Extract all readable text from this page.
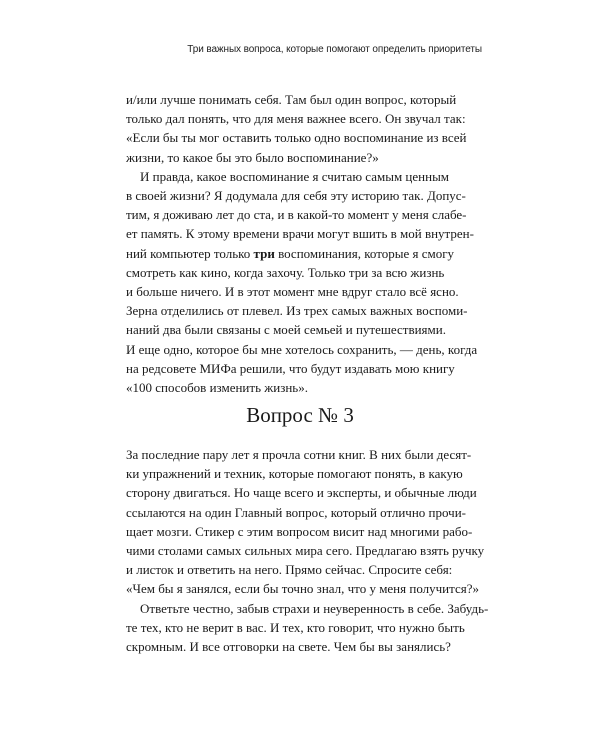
Три важных вопроса, которые помогают определить приоритеты

и/или лучше понимать себя. Там был один вопрос, который
только дал понять, что для меня важнее всего. Он звучал так:
«Если бы ты мог оставить только одно воспоминание из всей
жизни, то какое бы это было воспоминание?»

И правда, какое воспоминание я считаю самым ценным
в своей жизни? Я додумала для себя эту историю так. Допус-
тим, я доживаю лет до ста, и в какой-то момент у меня слабе-
ет память. К этому времени врачи могут вшить в мой внутрен-
ний компьютер только три воспоминания, которые я смогу
смотреть как кино, когда захочу. Только три за всю жизнь
и больше ничего. И в этот момент мне вдруг стало всё ясно.
Зерна отделились от плевел. Из трех самых важных воспоми-
наний два были связаны с моей семьей и путешествиями.
И еще одно, которое бы мне хотелось сохранить, — день, когда
на редсовете МИФа решили, что будут издавать мою книгу
«100 способов изменить жизнь».

Вопрос № 3

За последние пару лет я прочла сотни книг. В них были десят-
ки упражнений и техник, которые помогают понять, в какую
сторону двигаться. Но чаще всего и эксперты, и обычные люди
ссылаются на один Главный вопрос, который отлично прочи-
щает мозги. Стикер с этим вопросом висит над многими рабо-
чими столами самых сильных мира сего. Предлагаю взять ручку
и листок и ответить на него. Прямо сейчас. Спросите себя:
«Чем бы я занялся, если бы точно знал, что у меня получится?»

Ответьте честно, забыв страхи и неуверенность в себе. Забудь-
те тех, кто не верит в вас. И тех, кто говорит, что нужно быть
скромным. И все отговорки на свете. Чем бы вы занялись?
